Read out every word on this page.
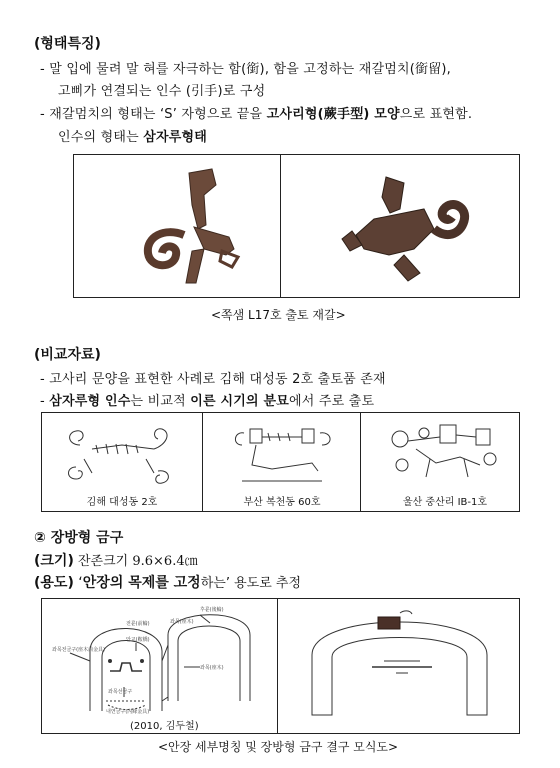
(형태특징)
- 말 입에 물려 말 혀를 자극하는 함(銜), 함을 고정하는 재갈멈치(銜留),
고삐가 연결되는 인수 (引手)로 구성
- 재갈멈치의 형태는 ‘S’ 자형으로 끝을 고사리형(蕨手型) 모양으로 표현함.
인수의 형태는 삼자루형태
<쪽샘 L17호 출토 재갈>
(비교자료)
- 고사리 문양을 표현한 사례로 김해 대성동 2호 출토품 존재
- 삼자루형 인수는 비교적 이른 시기의 분묘에서 주로 출토
김해 대성동 2호	부산 복천동 60호	울산 중산리 ⅠB-1호
② 장방형 금구
(크기) 잔존크기 9.6×6.4㎝
(용도) ‘안장의 목제를 고정하는’ 용도로 추정
후륜(後輪)
좌목(座木)
전륜(前輪)
안교(鞍橋)
좌목전금구(座木前金具)
좌목(座木)
좌목선금구
내연금구(內緣金具)
(2010, 김두철)
<안장 세부명칭 및 장방형 금구 결구 모식도>
